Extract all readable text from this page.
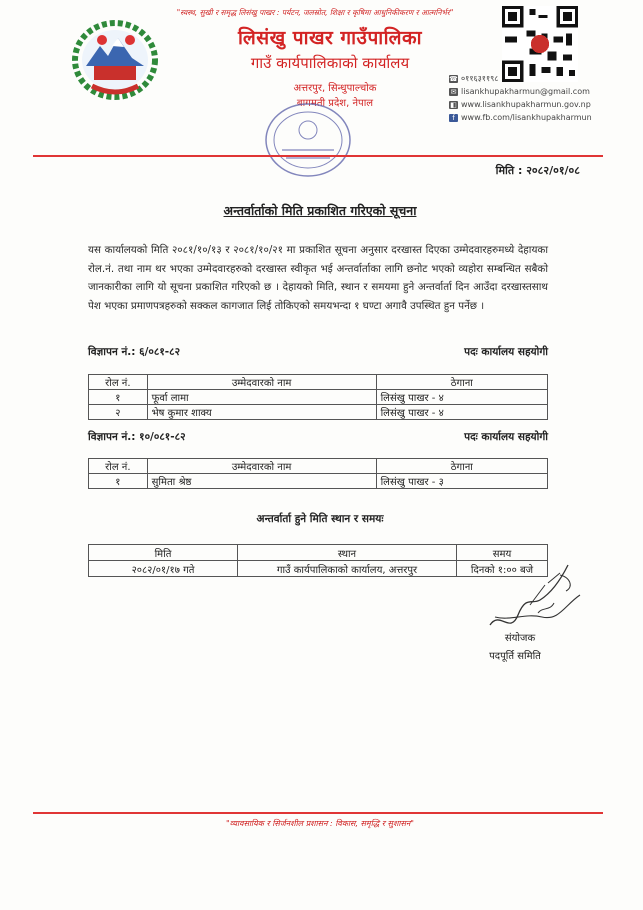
"स्वस्थ, सुखी र समृद्ध लिसंखु पाखर : पर्यटन, जलस्रोत, शिक्षा र कृषिमा आधुनिकीकरण र आत्मनिर्भर"
लिसंखु पाखर गाउँपालिका
गाउँ कार्यपालिकाको कार्यालय
अत्तरपुर, सिन्धुपाल्चोक
बागमती प्रदेश, नेपाल
☎ ०११६३११९८
✉ lisankhupakharmun@gmail.com
◧ www.lisankhupakharmun.gov.np
f www.fb.com/lisankhupakharmun
मिति : २०८२/०१/०८
अन्तर्वार्ताको मिति प्रकाशित गरिएको सूचना
यस कार्यालयको मिति २०८१/१०/१३ र २०८१/१०/२१ मा प्रकाशित सूचना अनुसार दरखास्त दिएका उम्मेदवारहरुमध्ये देहायका रोल.नं. तथा नाम थर भएका उम्मेदवारहरुको दरखास्त स्वीकृत भई अन्तर्वार्ताका लागि छनोट भएको व्यहोरा सम्बन्धित सबैको जानकारीका लागि यो सूचना प्रकाशित गरिएको छ । देहायको मिति, स्थान र समयमा हुने अन्तर्वार्ता दिन आउँदा दरखास्तसाथ पेश भएका प्रमाणपत्रहरुको सक्कल कागजात लिई तोकिएको समयभन्दा १ घण्टा अगावै उपस्थित हुन पर्नेछ ।
विज्ञापन नं.: ६/०८१-८२	पदः कार्यालय सहयोगी
रोल नं.	उम्मेदवारको नाम	ठेगाना
१	फूर्वा लामा	लिसंखु पाखर - ४
२	भेष कुमार शाक्य	लिसंखु पाखर - ४
विज्ञापन नं.: १०/०८१-८२	पदः कार्यालय सहयोगी
रोल नं.	उम्मेदवारको नाम	ठेगाना
१	सुमिता श्रेष्ठ	लिसंखु पाखर - ३
अन्तर्वार्ता हुने मिति स्थान र समयः
मिति	स्थान	समय
२०८२/०१/१७ गते	गाउँ कार्यपालिकाको कार्यालय, अत्तरपुर	दिनको १:०० बजे
संयोजक
पदपूर्ति समिति
"व्यावसायिक र सिर्जनशील प्रशासन : विकास, समृद्धि र सुशासन"
